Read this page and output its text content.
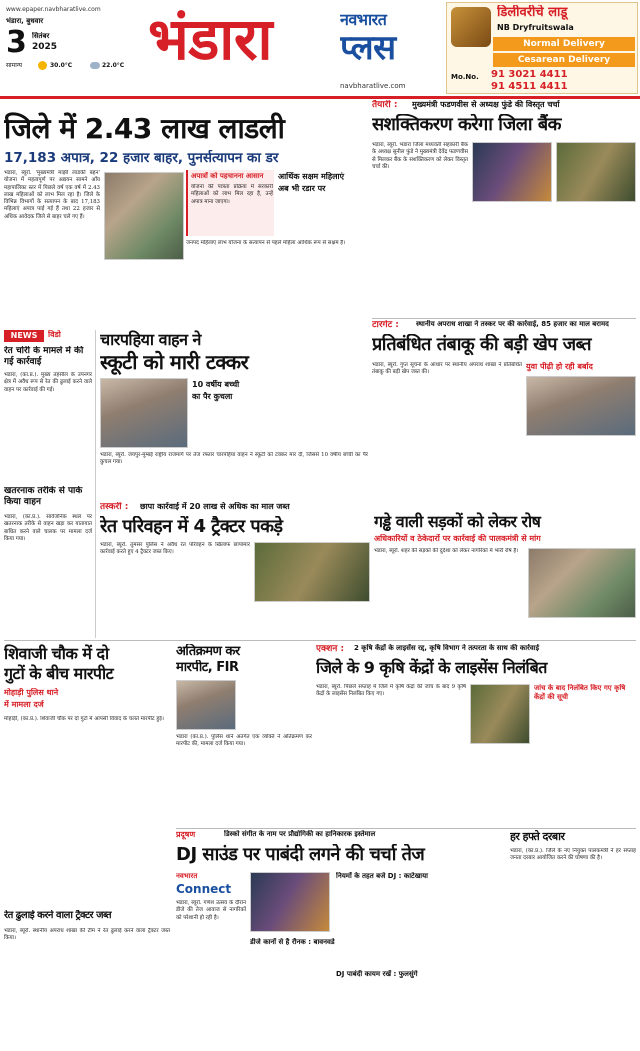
www.epaper.navbharatlive.com
भंडारा, बुधवार
3 सितंबर
2025
सामान्य	30.0°C	22.0°C भंडारा	नवभारत
प्लस
navbharatlive.com
डिलीवरीचे लाडू
NB Dryfruitswala
Normal Delivery
Cesarean Delivery
Mo.No.	91 3021 4411
91 4511 4411
जिले में 2.43 लाख लाडली
17,183 अपात्र, 22 हजार बाहर, पुनर्सत्यापन का डर
भंडारा, ब्यूरो. 'मुख्यमंत्री माझी लाडकी बहन' योजना में महत्वपूर्ण पर अद्ययन सामने आँय महापालिका स्तर में पिछले वर्ष एक वर्ष में 2.43 लाख महिलाओं को लाभ मिल रहा है। जिले के विभिन्न विभागों के सत्यापन के बाद 17,183 महिलाएं अपात्र पाई गई हैं तथा 22 हजार से अधिक आवेदक जिले से बाहर चले गए हैं।
अपात्रों को पहचानना आसान
योजना की पात्रता प्रक्रिया में सरकारी महिलाओं को लाभ मिल रहा है, उन्हें अपात्र माना जाएगा।
आर्थिक सक्षम महिलाएं
अब भी रडार पर
जनपद महिलाएं लाभ योजना के सत्यापन से पहले महिला आर्थिक रूप से सक्षम हैं।
NEWS	विडो
रेत चोरी के मामले में की गई कार्रवाई
भंडारा, (का.प्र.). मुख्य तहसील के उपनगर क्षेत्र में अवैध रूप से रेत की ढुलाई करने वाले वाहन पर कार्रवाई की गई।
खतरनाक तरीके से पार्क किया वाहन
भंडारा, (का.प्र.). सार्वजनिक स्थल पर खतरनाक तरीके से वाहन खड़ा कर यातायात बाधित करने वाले चालक पर मामला दर्ज किया गया।
चारपहिया वाहन ने
स्कूटी को मारी टक्कर
10 वर्षीय बच्ची
का पैर कुचला
भंडारा, ब्यूरो. जयपुर-मुम्बई राष्ट्रीय राजमार्ग पर तेज रफ्तार चारपहिया वाहन ने स्कूटी को टक्कर मार दी, जिससे 10 वर्षीय बच्ची का पैर कुचल गया।
तैयारी :	मुख्यमंत्री फडणवीस से अध्यक्ष फुंडे की विस्तृत चर्चा
सशक्तिकरण करेगा जिला बैंक
भंडारा, ब्यूरो. भंडारा जिला मध्यवर्ती सहकारी बैंक के अध्यक्ष सुनील फुंडे ने मुख्यमंत्री देवेंद्र फडणवीस से मिलकर बैंक के सशक्तिकरण को लेकर विस्तृत चर्चा की।
टारगेट :	स्थानीय अपराध शाखा ने तस्कर पर की कार्रवाई, 85 हजार का माल बरामद
प्रतिबंधित तंबाकू की बड़ी खेप जब्त
भंडारा, ब्यूरो. गुप्त सूचना के आधार पर स्थानीय अपराध शाखा ने प्रतिबंधित तंबाकू की बड़ी खेप जब्त की।
युवा पीढ़ी हो रही बर्बाद
तस्करी :	छापा कार्रवाई में 20 लाख से अधिक का माल जब्त
रेत परिवहन में 4 ट्रैक्टर पकड़े
भंडारा, ब्यूरो. तुमसर पुलिस ने अवैध रेत परिवहन के खिलाफ छापामार कार्रवाई करते हुए 4 ट्रैक्टर जब्त किए।
गड्ढे वाली सड़कों को लेकर रोष
अधिकारियों व ठेकेदारों पर कार्रवाई की पालकमंत्री से मांग
भंडारा, ब्यूरो. शहर की सड़कों की दुर्दशा को लेकर नागरिकों में भारी रोष है।
शिवाजी चौक में दो
गुटों के बीच मारपीट
मोहाड़ी पुलिस थाने
में मामला दर्ज
मोहाड़ी, (का.प्र.). शिवाजी चौक पर दो गुटों में आपसी विवाद के चलते मारपीट हुई।
रेत ढुलाई करने वाला ट्रैक्टर जब्त
भंडारा, ब्यूरो. स्थानीय अपराध शाखा की टीम ने रेत ढुलाई करने वाला ट्रैक्टर जब्त किया।
अतिक्रमण कर
मारपीट, FIR
भंडारा (का.प्र.). पुलिस थाने अंतर्गत एक व्यक्ति ने अतिक्रमण कर मारपीट की, मामला दर्ज किया गया।
एक्शन :	2 कृषि केंद्रों के लाइसेंस रद्द, कृषि विभाग ने तत्परता के साथ की कार्रवाई
जिले के 9 कृषि केंद्रों के लाइसेंस निलंबित
भंडारा, ब्यूरो. पिछले सप्ताह में जिले में कृषि केंद्रों की जांच के बाद 9 कृषि केंद्रों के लाइसेंस निलंबित किए गए।
जांच के बाद निलंबित किए गए कृषि केंद्रों की सूची
प्रदूषण	डिस्को संगीत के नाम पर प्रौद्योगिकी का हानिकारक इस्तेमाल
DJ साउंड पर पाबंदी लगने की चर्चा तेज
नवभारत
Connect
भंडारा, ब्यूरो. गणेश उत्सव के दौरान डीजे की तेज आवाज से नागरिकों को परेशानी हो रही है।
नियमों के तहत बजे DJ : काटेखाया
डीजे कानों से है रौनक : बावनवडे
DJ पाबंदी कायम रखें : फुलसुंगे
हर हफ्ते दरबार
भंडारा, (का.प्र.). जिले के नए नियुक्त पालकमंत्री ने हर सप्ताह जनता दरबार आयोजित करने की घोषणा की है।
